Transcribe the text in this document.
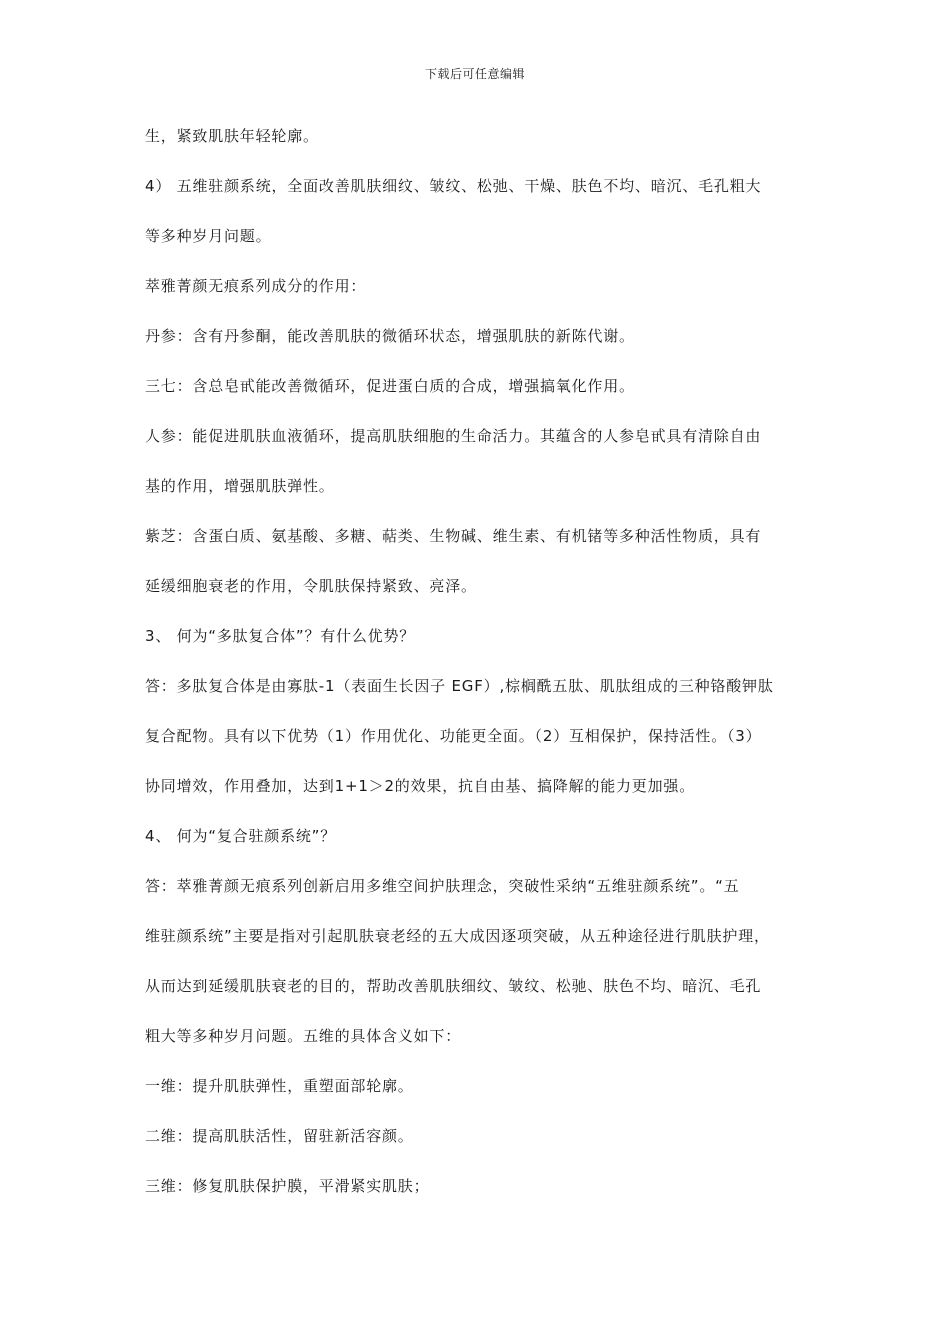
下载后可任意编辑
生，紧致肌肤年轻轮廓。
4） 五维驻颜系统，全面改善肌肤细纹、皱纹、松弛、干燥、肤色不均、暗沉、毛孔粗大
等多种岁月问题。
萃雅菁颜无痕系列成分的作用：
丹参：含有丹参酮，能改善肌肤的微循环状态，增强肌肤的新陈代谢。
三七：含总皂甙能改善微循环，促进蛋白质的合成，增强搞氧化作用。
人参：能促进肌肤血液循环，提高肌肤细胞的生命活力。其蕴含的人参皂甙具有清除自由
基的作用，增强肌肤弹性。
紫芝：含蛋白质、氨基酸、多糖、萜类、生物碱、维生素、有机锗等多种活性物质，具有
延缓细胞衰老的作用，令肌肤保持紧致、亮泽。
3、 何为“多肽复合体”？有什么优势？
答：多肽复合体是由寡肽-1（表面生长因子 EGF）,棕榈酰五肽、肌肽组成的三种铬酸钾肽
复合配物。具有以下优势（1）作用优化、功能更全面。（2）互相保护，保持活性。（3）
协同增效，作用叠加，达到1+1＞2的效果，抗自由基、搞降解的能力更加强。
4、 何为“复合驻颜系统”？
答：萃雅菁颜无痕系列创新启用多维空间护肤理念，突破性采纳“五维驻颜系统”。“五
维驻颜系统”主要是指对引起肌肤衰老经的五大成因逐项突破，从五种途径进行肌肤护理，
从而达到延缓肌肤衰老的目的，帮助改善肌肤细纹、皱纹、松驰、肤色不均、暗沉、毛孔
粗大等多种岁月问题。五维的具体含义如下：
一维：提升肌肤弹性，重塑面部轮廓。
二维：提高肌肤活性，留驻新活容颜。
三维：修复肌肤保护膜，平滑紧实肌肤；
